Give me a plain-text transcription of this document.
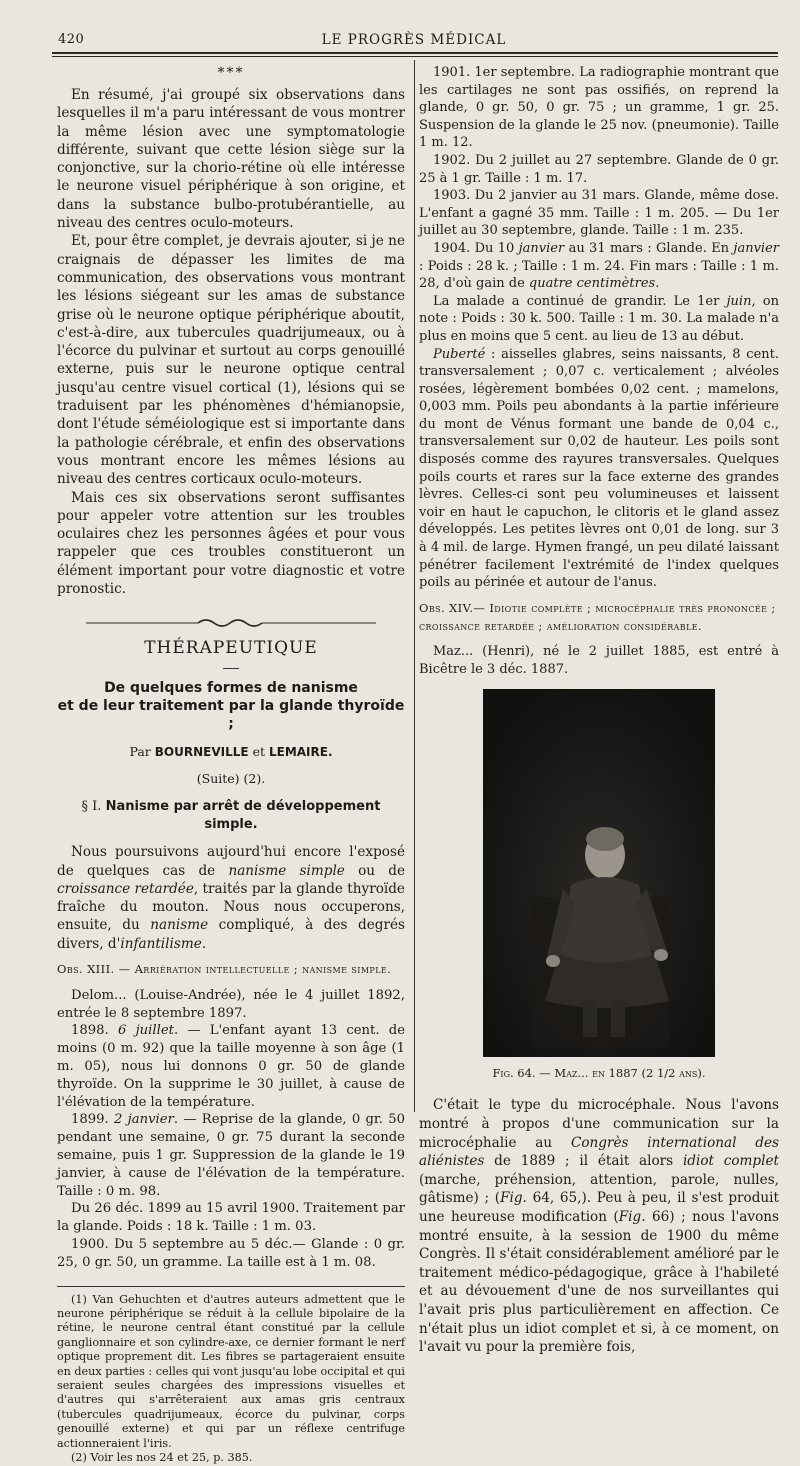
420	LE PROGRÈS MÉDICAL
***

En résumé, j'ai groupé six observations dans lesquelles il m'a paru intéressant de vous montrer la même lésion avec une symptomatologie différente, suivant que cette lésion siège sur la conjonctive, sur la chorio-rétine où elle intéresse le neurone visuel périphérique à son origine, et dans la substance bulbo-protubérantielle, au niveau des centres oculo-moteurs.

Et, pour être complet, je devrais ajouter, si je ne craignais de dépasser les limites de ma communication, des observations vous montrant les lésions siégeant sur les amas de substance grise où le neurone optique périphérique aboutit, c'est-à-dire, aux tubercules quadrijumeaux, ou à l'écorce du pulvinar et surtout au corps genouillé externe, puis sur le neurone optique central jusqu'au centre visuel cortical (1), lésions qui se traduisent par les phénomènes d'hémianopsie, dont l'étude séméiologique est si importante dans la pathologie cérébrale, et enfin des observations vous montrant encore les mêmes lésions au niveau des centres corticaux oculo-moteurs.

Mais ces six observations seront suffisantes pour appeler votre attention sur les troubles oculaires chez les personnes âgées et pour vous rappeler que ces troubles constitueront un élément important pour votre diagnostic et votre pronostic.

THÉRAPEUTIQUE
De quelques formes de nanisme
et de leur traitement par la glande thyroïde ;
Par BOURNEVILLE et LEMAIRE.
(Suite) (2).
§ I. Nanisme par arrêt de développement simple.

Nous poursuivons aujourd'hui encore l'exposé de quelques cas de nanisme simple ou de croissance retardée, traités par la glande thyroïde fraîche du mouton. Nous nous occuperons, ensuite, du nanisme compliqué, à des degrés divers, d'infantilisme.

Obs. XIII. — Arriération intellectuelle ; nanisme simple.

Delom... (Louise-Andrée), née le 4 juillet 1892, entrée le 8 septembre 1897.

1898. 6 juillet. — L'enfant ayant 13 cent. de moins (0 m. 92) que la taille moyenne à son âge (1 m. 05), nous lui donnons 0 gr. 50 de glande thyroïde. On la supprime le 30 juillet, à cause de l'élévation de la température.

1899. 2 janvier. — Reprise de la glande, 0 gr. 50 pendant une semaine, 0 gr. 75 durant la seconde semaine, puis 1 gr. Suppression de la glande le 19 janvier, à cause de l'élévation de la température. Taille : 0 m. 98.

Du 26 déc. 1899 au 15 avril 1900. Traitement par la glande. Poids : 18 k. Taille : 1 m. 03.

1900. Du 5 septembre au 5 déc.— Glande : 0 gr. 25, 0 gr. 50, un gramme. La taille est à 1 m. 08.

(1) Van Gehuchten et d'autres auteurs admettent que le neurone périphérique se réduit à la cellule bipolaire de la rétine, le neurone central étant constitué par la cellule ganglionnaire et son cylindre-axe, ce dernier formant le nerf optique proprement dit. Les fibres se partageraient ensuite en deux parties : celles qui vont jusqu'au lobe occipital et qui seraient seules chargées des impressions visuelles et d'autres qui s'arrêteraient aux amas gris centraux (tubercules quadrijumeaux, écorce du pulvinar, corps genouillé externe) et qui par un réflexe centrifuge actionneraient l'iris.

(2) Voir les nos 24 et 25, p. 385.

1901. 1er septembre. La radiographie montrant que les cartilages ne sont pas ossifiés, on reprend la glande, 0 gr. 50, 0 gr. 75 ; un gramme, 1 gr. 25. Suspension de la glande le 25 nov. (pneumonie). Taille 1 m. 12.

1902. Du 2 juillet au 27 septembre. Glande de 0 gr. 25 à 1 gr. Taille : 1 m. 17.

1903. Du 2 janvier au 31 mars. Glande, même dose. L'enfant a gagné 35 mm. Taille : 1 m. 205. — Du 1er juillet au 30 septembre, glande. Taille : 1 m. 235.

1904. Du 10 janvier au 31 mars : Glande. En janvier : Poids : 28 k. ; Taille : 1 m. 24. Fin mars : Taille : 1 m. 28, d'où gain de quatre centimètres.

La malade a continué de grandir. Le 1er juin, on note : Poids : 30 k. 500. Taille : 1 m. 30. La malade n'a plus en moins que 5 cent. au lieu de 13 au début.

Puberté : aisselles glabres, seins naissants, 8 cent. transversalement ; 0,07 c. verticalement ; alvéoles rosées, légèrement bombées 0,02 cent. ; mamelons, 0,003 mm. Poils peu abondants à la partie inférieure du mont de Vénus formant une bande de 0,04 c., transversalement sur 0,02 de hauteur. Les poils sont disposés comme des rayures transversales. Quelques poils courts et rares sur la face externe des grandes lèvres. Celles-ci sont peu volumineuses et laissent voir en haut le capuchon, le clitoris et le gland assez développés. Les petites lèvres ont 0,01 de long. sur 3 à 4 mil. de large. Hymen frangé, un peu dilaté laissant pénétrer facilement l'extrémité de l'index quelques poils au périnée et autour de l'anus.

Obs. XIV.— Idiotie complète ; microcéphalie très prononcée ; croissance retardée ; amélioration considérable.

Maz... (Henri), né le 2 juillet 1885, est entré à Bicêtre le 3 déc. 1887.

Fig. 64. — Maz... en 1887 (2 1/2 ans).

C'était le type du microcéphale. Nous l'avons montré à propos d'une communication sur la microcéphalie au Congrès international des aliénistes de 1889 ; il était alors idiot complet (marche, préhension, attention, parole, nulles, gâtisme) ; (Fig. 64, 65,). Peu à peu, il s'est produit une heureuse modification (Fig. 66) ; nous l'avons montré ensuite, à la session de 1900 du même Congrès. Il s'était considérablement amélioré par le traitement médico-pédagogique, grâce à l'habileté et au dévouement d'une de nos surveillantes qui l'avait pris plus particulièrement en affection. Ce n'était plus un idiot complet et si, à ce moment, on l'avait vu pour la première fois,
